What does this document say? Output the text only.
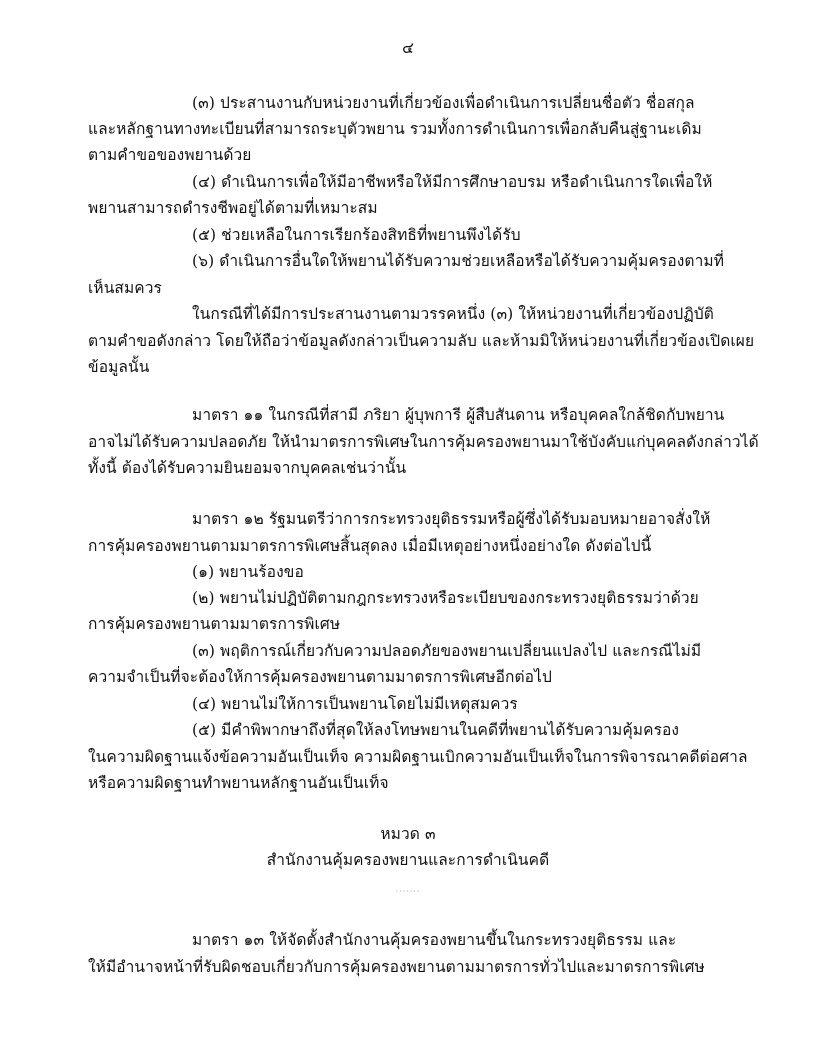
๔
(๓) ประสานงานกับหน่วยงานที่เกี่ยวข้องเพื่อดำเนินการเปลี่ยนชื่อตัว ชื่อสกุล
และหลักฐานทางทะเบียนที่สามารถระบุตัวพยาน รวมทั้งการดำเนินการเพื่อกลับคืนสู่ฐานะเดิม
ตามคำขอของพยานด้วย
(๔) ดำเนินการเพื่อให้มีอาชีพหรือให้มีการศึกษาอบรม หรือดำเนินการใดเพื่อให้
พยานสามารถดำรงชีพอยู่ได้ตามที่เหมาะสม
(๕) ช่วยเหลือในการเรียกร้องสิทธิที่พยานพึงได้รับ
(๖) ดำเนินการอื่นใดให้พยานได้รับความช่วยเหลือหรือได้รับความคุ้มครองตามที่
เห็นสมควร
ในกรณีที่ได้มีการประสานงานตามวรรคหนึ่ง (๓) ให้หน่วยงานที่เกี่ยวข้องปฏิบัติ
ตามคำขอดังกล่าว โดยให้ถือว่าข้อมูลดังกล่าวเป็นความลับ และห้ามมิให้หน่วยงานที่เกี่ยวข้องเปิดเผย
ข้อมูลนั้น
มาตรา ๑๑ ในกรณีที่สามี ภริยา ผู้บุพการี ผู้สืบสันดาน หรือบุคคลใกล้ชิดกับพยาน
อาจไม่ได้รับความปลอดภัย ให้นำมาตรการพิเศษในการคุ้มครองพยานมาใช้บังคับแก่บุคคลดังกล่าวได้
ทั้งนี้ ต้องได้รับความยินยอมจากบุคคลเช่นว่านั้น
มาตรา ๑๒ รัฐมนตรีว่าการกระทรวงยุติธรรมหรือผู้ซึ่งได้รับมอบหมายอาจสั่งให้
การคุ้มครองพยานตามมาตรการพิเศษสิ้นสุดลง เมื่อมีเหตุอย่างหนึ่งอย่างใด ดังต่อไปนี้
(๑) พยานร้องขอ
(๒) พยานไม่ปฏิบัติตามกฎกระทรวงหรือระเบียบของกระทรวงยุติธรรมว่าด้วย
การคุ้มครองพยานตามมาตรการพิเศษ
(๓) พฤติการณ์เกี่ยวกับความปลอดภัยของพยานเปลี่ยนแปลงไป และกรณีไม่มี
ความจำเป็นที่จะต้องให้การคุ้มครองพยานตามมาตรการพิเศษอีกต่อไป
(๔) พยานไม่ให้การเป็นพยานโดยไม่มีเหตุสมควร
(๕) มีคำพิพากษาถึงที่สุดให้ลงโทษพยานในคดีที่พยานได้รับความคุ้มครอง
ในความผิดฐานแจ้งข้อความอันเป็นเท็จ ความผิดฐานเบิกความอันเป็นเท็จในการพิจารณาคดีต่อศาล
หรือความผิดฐานทำพยานหลักฐานอันเป็นเท็จ
หมวด ๓
สำนักงานคุ้มครองพยานและการดำเนินคดี
·······
มาตรา ๑๓ ให้จัดตั้งสำนักงานคุ้มครองพยานขึ้นในกระทรวงยุติธรรม และ
ให้มีอำนาจหน้าที่รับผิดชอบเกี่ยวกับการคุ้มครองพยานตามมาตรการทั่วไปและมาตรการพิเศษ
